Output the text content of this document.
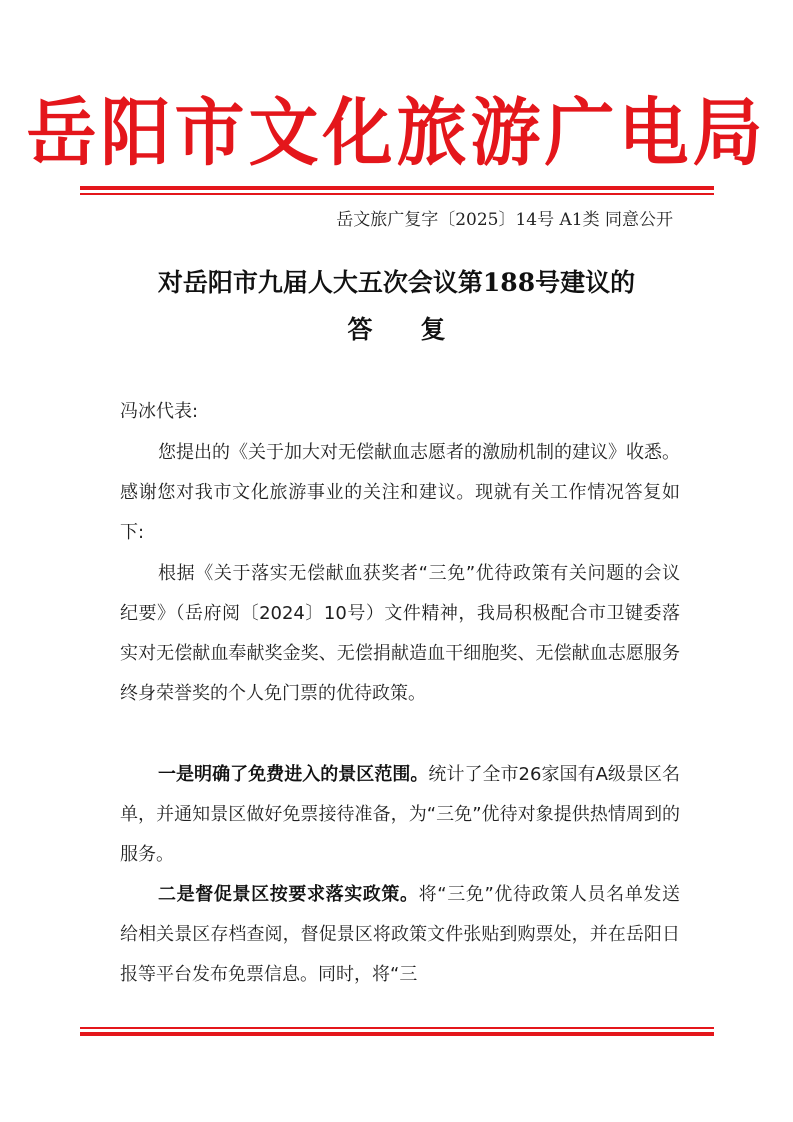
岳阳市文化旅游广电局
岳文旅广复字〔2025〕14号 A1类 同意公开
对岳阳市九届人大五次会议第188号建议的
答复
冯冰代表:

您提出的《关于加大对无偿献血志愿者的激励机制的建议》收悉。感谢您对我市文化旅游事业的关注和建议。现就有关工作情况答复如下:

根据《关于落实无偿献血获奖者“三免”优待政策有关问题的会议纪要》（岳府阅〔2024〕10号）文件精神，我局积极配合市卫键委落实对无偿献血奉献奖金奖、无偿捐献造血干细胞奖、无偿献血志愿服务终身荣誉奖的个人免门票的优待政策。

一是明确了免费进入的景区范围。统计了全市26家国有A级景区名单，并通知景区做好免票接待准备，为“三免”优待对象提供热情周到的服务。

二是督促景区按要求落实政策。将“三免”优待政策人员名单发送给相关景区存档查阅，督促景区将政策文件张贴到购票处，并在岳阳日报等平台发布免票信息。同时，将“三
